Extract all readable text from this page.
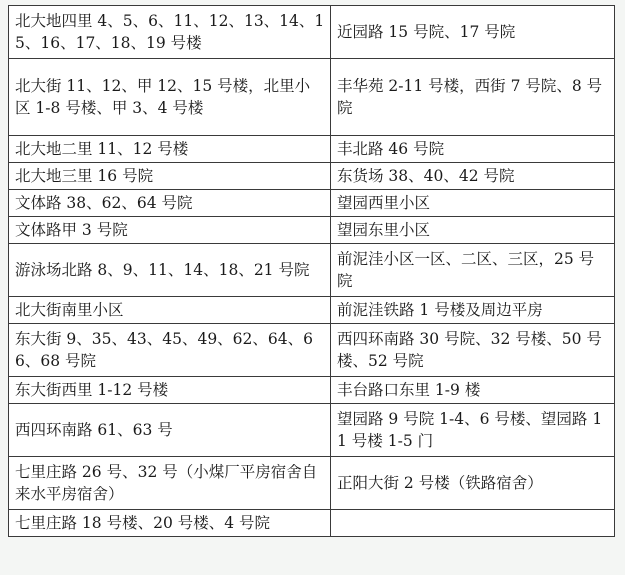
北大地四里 4、5、6、11、12、13、14、15、16、17、18、19 号楼	近园路 15 号院、17 号院
北大街 11、12、甲 12、15 号楼，北里小区 1-8 号楼、甲 3、4 号楼	丰华苑 2-11 号楼，西街 7 号院、8 号院
北大地二里 11、12 号楼	丰北路 46 号院
北大地三里 16 号院	东货场 38、40、42 号院
文体路 38、62、64 号院	望园西里小区
文体路甲 3 号院	望园东里小区
游泳场北路 8、9、11、14、18、21 号院	前泥洼小区一区、二区、三区，25 号院
北大街南里小区	前泥洼铁路 1 号楼及周边平房
东大街 9、35、43、45、49、62、64、66、68 号院	西四环南路 30 号院、32 号楼、50 号楼、52 号院
东大街西里 1-12 号楼	丰台路口东里 1-9 楼
西四环南路 61、63 号	望园路 9 号院 1-4、6 号楼、望园路 11 号楼 1-5 门
七里庄路 26 号、32 号（小煤厂平房宿舍自来水平房宿舍）	正阳大街 2 号楼（铁路宿舍）
七里庄路 18 号楼、20 号楼、4 号院	
